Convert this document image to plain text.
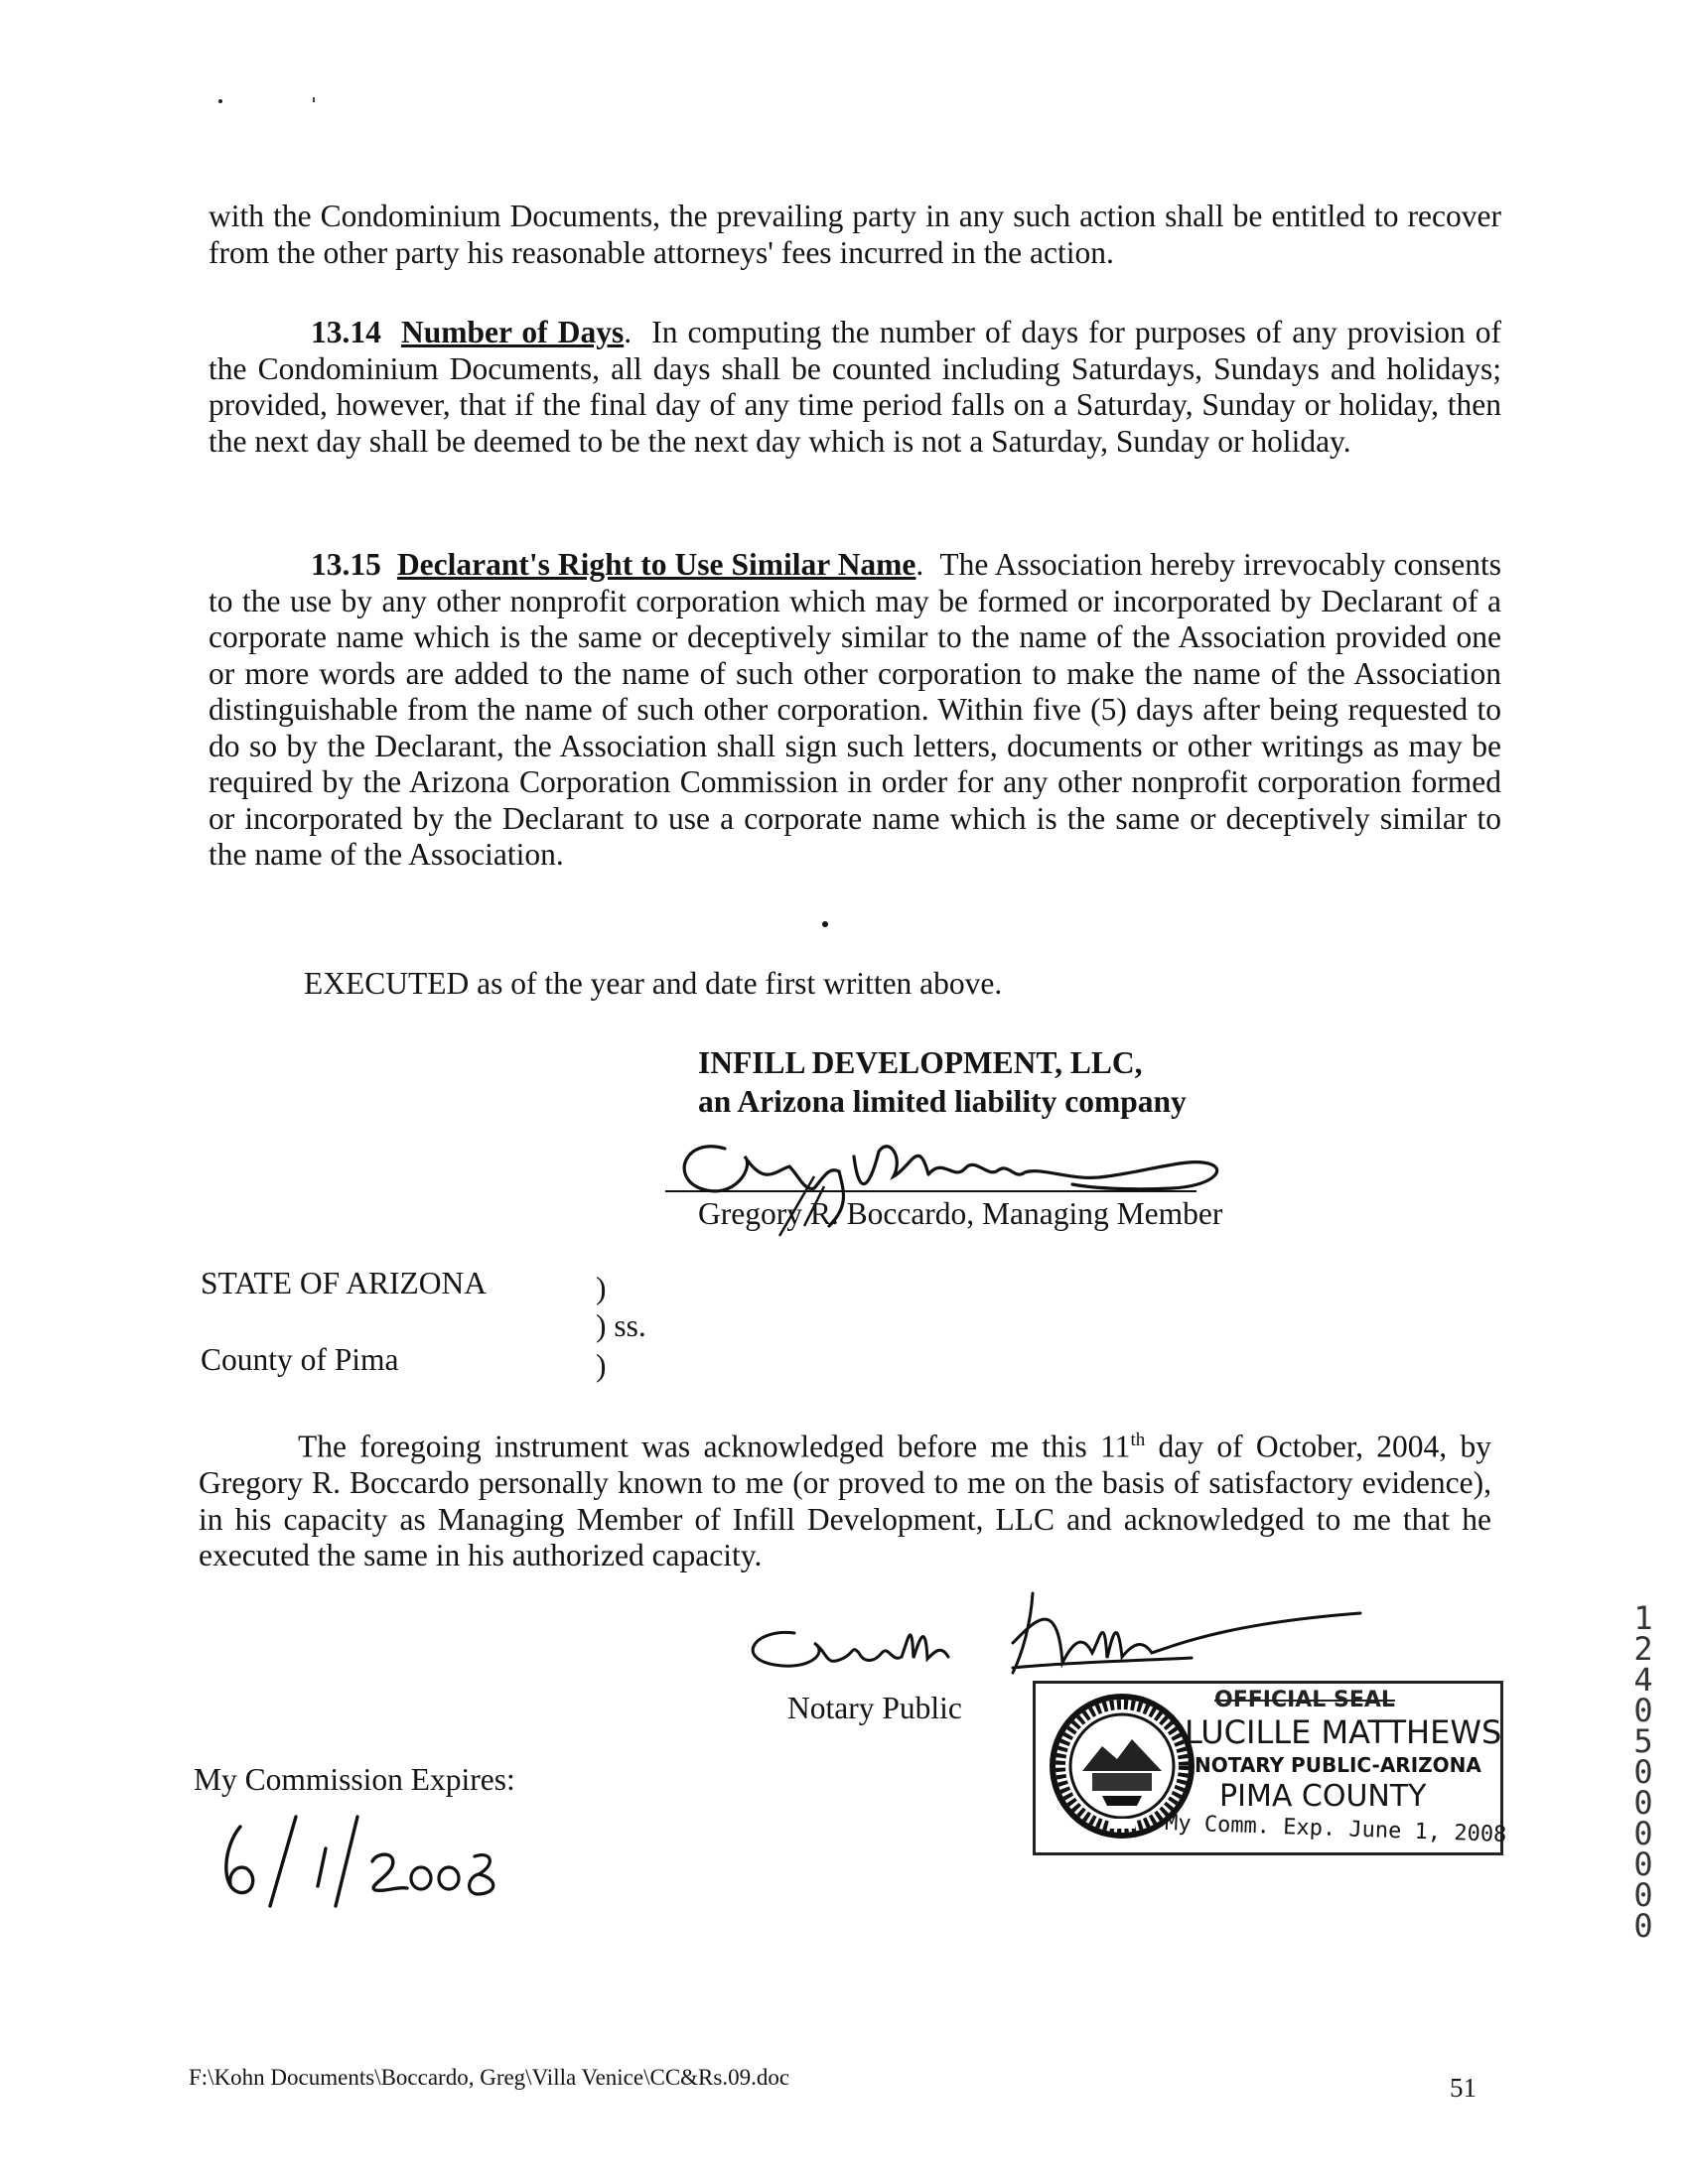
with the Condominium Documents, the prevailing party in any such action shall be entitled to recover from the other party his reasonable attorneys' fees incurred in the action.
13.14 Number of Days.  In computing the number of days for purposes of any provision of the Condominium Documents, all days shall be counted including Saturdays, Sundays and holidays; provided, however, that if the final day of any time period falls on a Saturday, Sunday or holiday, then the next day shall be deemed to be the next day which is not a Saturday, Sunday or holiday.
13.15 Declarant's Right to Use Similar Name.  The Association hereby irrevocably consents to the use by any other nonprofit corporation which may be formed or incorporated by Declarant of a corporate name which is the same or deceptively similar to the name of the Association provided one or more words are added to the name of such other corporation to make the name of the Association distinguishable from the name of such other corporation. Within five (5) days after being requested to do so by the Declarant, the Association shall sign such letters, documents or other writings as may be required by the Arizona Corporation Commission in order for any other nonprofit corporation formed or incorporated by the Declarant to use a corporate name which is the same or deceptively similar to the name of the Association.
EXECUTED as of the year and date first written above.
INFILL DEVELOPMENT, LLC,
an Arizona limited liability company
Gregory R. Boccardo, Managing Member
STATE OF ARIZONA	)
) ss.
County of Pima	)
The foregoing instrument was acknowledged before me this 11th day of October, 2004, by Gregory R. Boccardo personally known to me (or proved to me on the basis of satisfactory evidence), in his capacity as Managing Member of Infill Development, LLC and acknowledged to me that he executed the same in his authorized capacity.
Notary Public	OFFICIAL SEAL
LUCILLE MATTHEWS
NOTARY PUBLIC-ARIZONA
PIMA COUNTY
My Comm. Exp. June 1, 2008
My Commission Expires:
1240500 0000
F:\Kohn Documents\Boccardo, Greg\Villa Venice\CC&Rs.09.doc	51
